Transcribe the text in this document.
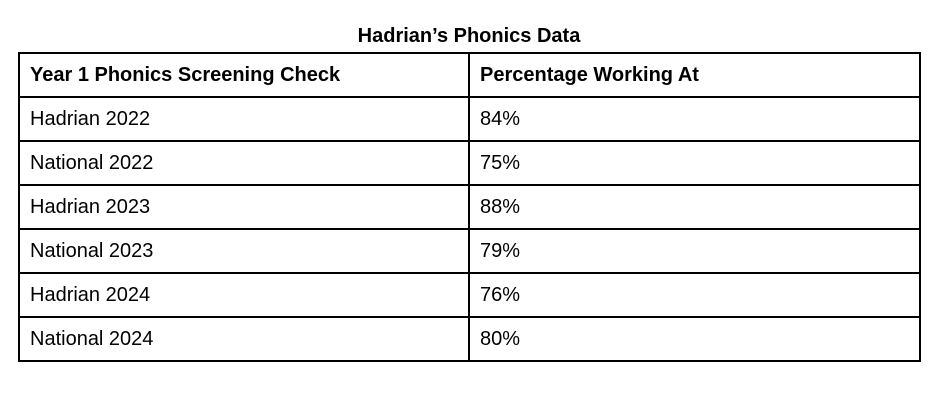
Hadrian’s Phonics Data
Year 1 Phonics Screening Check	Percentage Working At
Hadrian 2022	84%
National 2022	75%
Hadrian 2023	88%
National 2023	79%
Hadrian 2024	76%
National 2024	80%
